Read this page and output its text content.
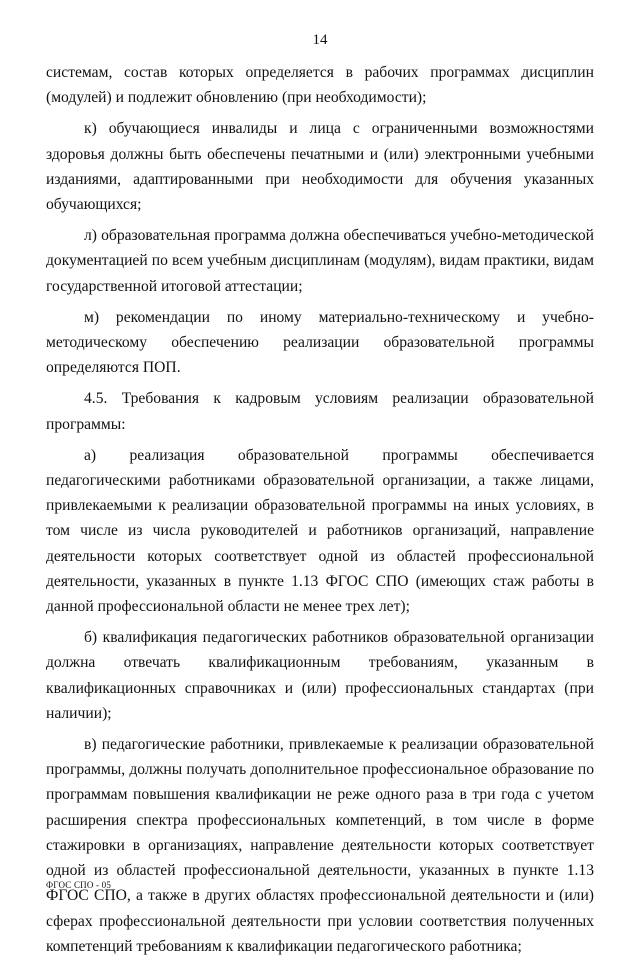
14

системам, состав которых определяется в рабочих программах дисциплин (модулей) и подлежит обновлению (при необходимости);

к) обучающиеся инвалиды и лица с ограниченными возможностями здоровья должны быть обеспечены печатными и (или) электронными учебными изданиями, адаптированными при необходимости для обучения указанных обучающихся;

л) образовательная программа должна обеспечиваться учебно-методической документацией по всем учебным дисциплинам (модулям), видам практики, видам государственной итоговой аттестации;

м) рекомендации по иному материально-техническому и учебно-методическому обеспечению реализации образовательной программы определяются ПОП.

4.5. Требования к кадровым условиям реализации образовательной программы:

а) реализация образовательной программы обеспечивается педагогическими работниками образовательной организации, а также лицами, привлекаемыми к реализации образовательной программы на иных условиях, в том числе из числа руководителей и работников организаций, направление деятельности которых соответствует одной из областей профессиональной деятельности, указанных в пункте 1.13 ФГОС СПО (имеющих стаж работы в данной профессиональной области не менее трех лет);

б) квалификация педагогических работников образовательной организации должна отвечать квалификационным требованиям, указанным в квалификационных справочниках и (или) профессиональных стандартах (при наличии);

в) педагогические работники, привлекаемые к реализации образовательной программы, должны получать дополнительное профессиональное образование по программам повышения квалификации не реже одного раза в три года с учетом расширения спектра профессиональных компетенций, в том числе в форме стажировки в организациях, направление деятельности которых соответствует одной из областей профессиональной деятельности, указанных в пункте 1.13 ФГОС СПО, а также в других областях профессиональной деятельности и (или) сферах профессиональной деятельности при условии соответствия полученных компетенций требованиям к квалификации педагогического работника;

ФГОС СПО - 05
